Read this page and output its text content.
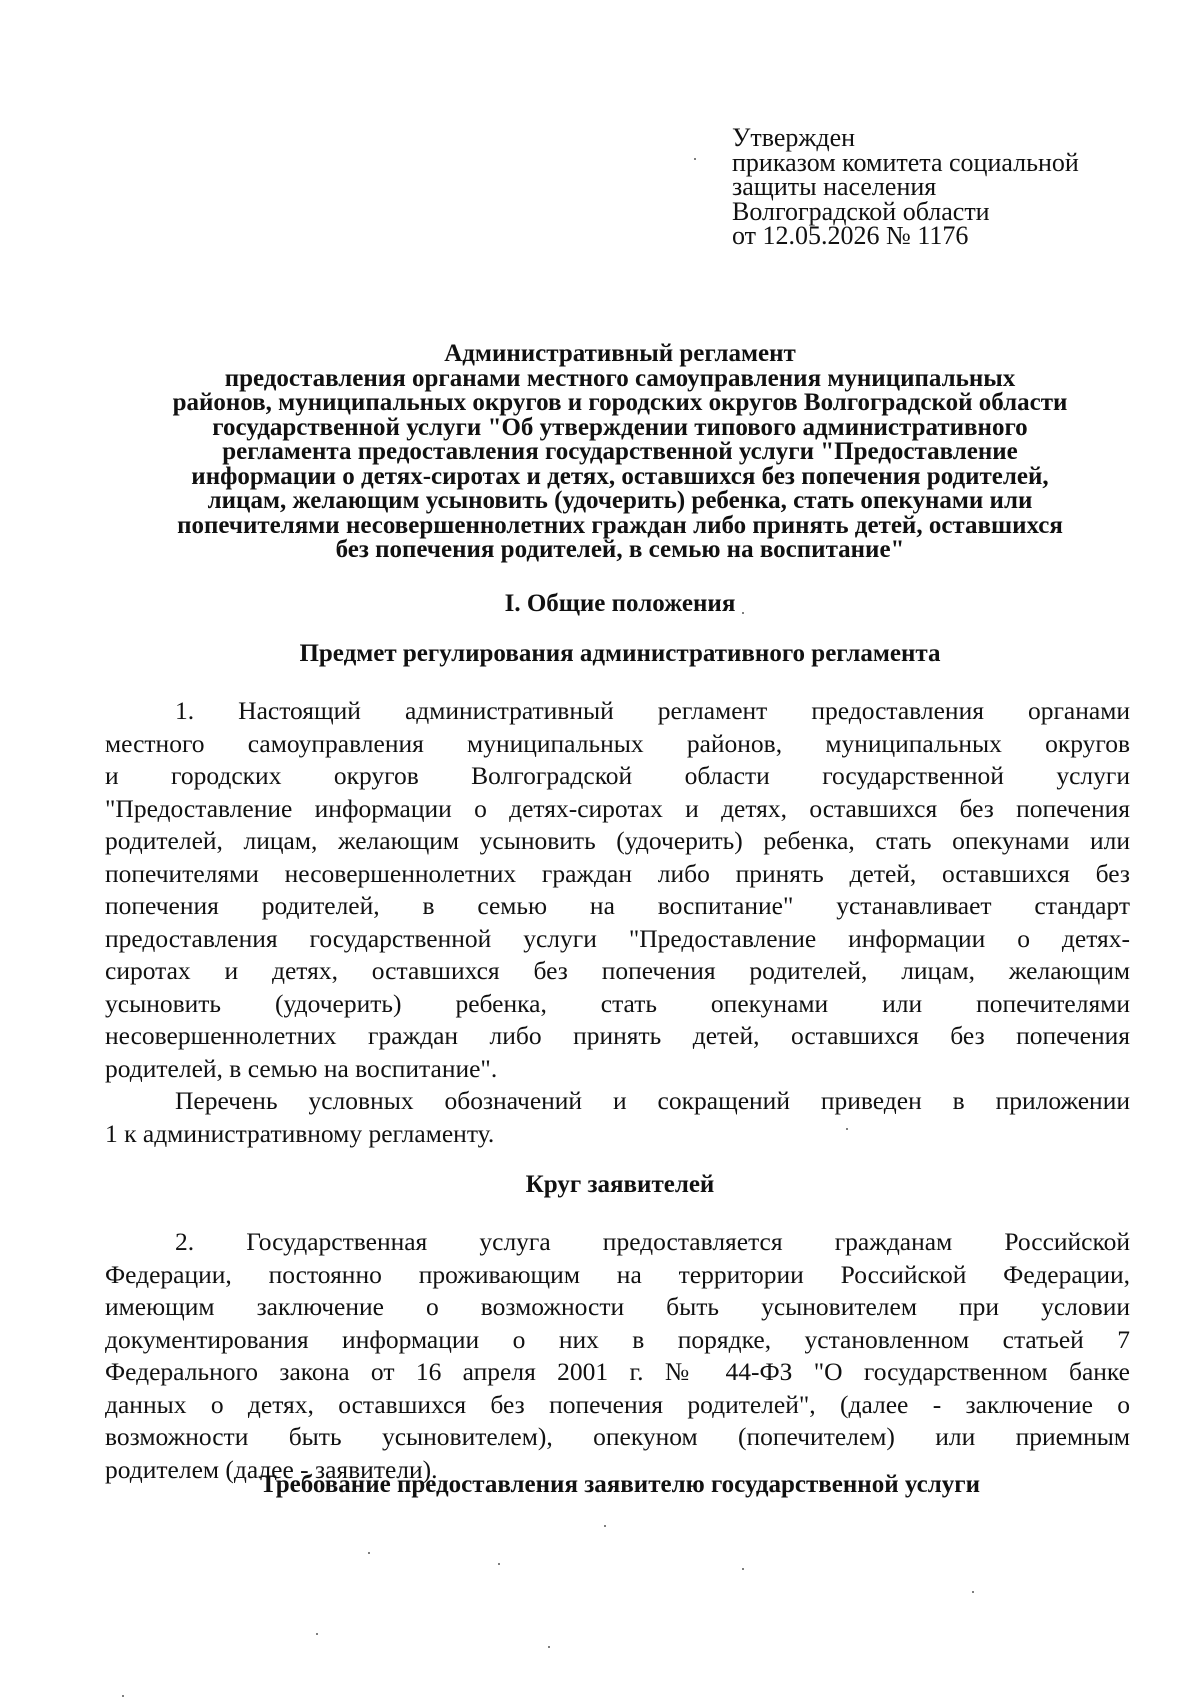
Утвержден
приказом комитета социальной
защиты населения
Волгоградской области
от 12.05.2026 № 1176
Административный регламент
предоставления органами местного самоуправления муниципальных
районов, муниципальных округов и городских округов Волгоградской области
государственной услуги "Об утверждении типового административного
регламента предоставления государственной услуги "Предоставление
информации о детях-сиротах и детях, оставшихся без попечения родителей,
лицам, желающим усыновить (удочерить) ребенка, стать опекунами или
попечителями несовершеннолетних граждан либо принять детей, оставшихся
без попечения родителей, в семью на воспитание"
I. Общие положения
Предмет регулирования административного регламента
1. Настоящий административный регламент предоставления органами
местного самоуправления муниципальных районов, муниципальных округов
и городских округов Волгоградской области государственной услуги
"Предоставление информации о детях-сиротах и детях, оставшихся без попечения
родителей, лицам, желающим усыновить (удочерить) ребенка, стать опекунами или
попечителями несовершеннолетних граждан либо принять детей, оставшихся без
попечения родителей, в семью на воспитание" устанавливает стандарт
предоставления государственной услуги "Предоставление информации о детях-
сиротах и детях, оставшихся без попечения родителей, лицам, желающим
усыновить (удочерить) ребенка, стать опекунами или попечителями
несовершеннолетних граждан либо принять детей, оставшихся без попечения
родителей, в семью на воспитание".
Перечень условных обозначений и сокращений приведен в приложении
1 к административному регламенту.
Круг заявителей
2. Государственная услуга предоставляется гражданам Российской
Федерации, постоянно проживающим на территории Российской Федерации,
имеющим заключение о возможности быть усыновителем при условии
документирования информации о них в порядке, установленном статьей 7
Федерального закона от 16 апреля 2001 г. № 44-ФЗ "О государственном банке
данных о детях, оставшихся без попечения родителей", (далее - заключение о
возможности быть усыновителем), опекуном (попечителем) или приемным
родителем (далее - заявители).
Требование предоставления заявителю государственной услуги
